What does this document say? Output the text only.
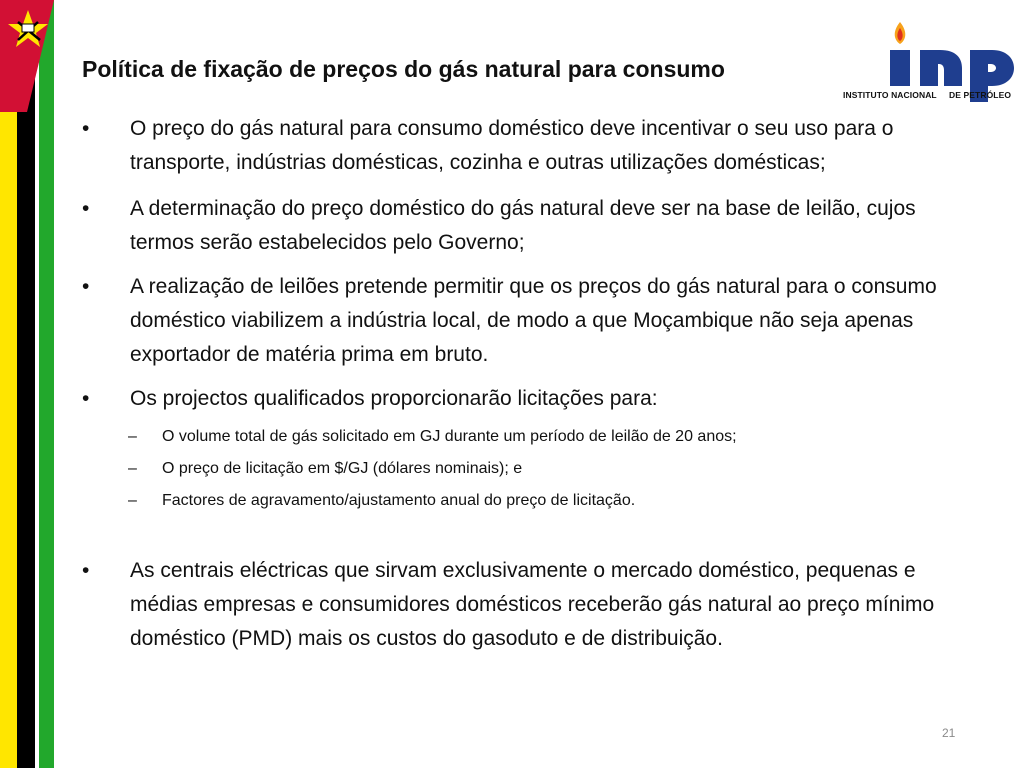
INSTITUTO NACIONAL DE PETRÓLEO
Política de fixação de preços do gás natural para consumo
•	O preço do gás natural para consumo doméstico deve incentivar o seu uso para o transporte, indústrias domésticas, cozinha e outras utilizações domésticas;
•	A determinação do preço doméstico do gás natural deve ser na base de leilão, cujos termos serão estabelecidos pelo Governo;
•	A realização de leilões pretende permitir que os preços do gás natural para o consumo doméstico viabilizem a indústria local, de modo a que Moçambique não seja apenas exportador de matéria prima em bruto.
•	Os projectos qualificados proporcionarão licitações para:
–	O volume total de gás solicitado em GJ durante um período de leilão de 20 anos;
–	O preço de licitação em $/GJ (dólares nominais); e
–	Factores de agravamento/ajustamento anual do preço de licitação.
•	As centrais eléctricas que sirvam exclusivamente o mercado doméstico, pequenas e médias empresas e consumidores domésticos receberão gás natural ao preço mínimo doméstico (PMD) mais os custos do gasoduto e de distribuição.
21
